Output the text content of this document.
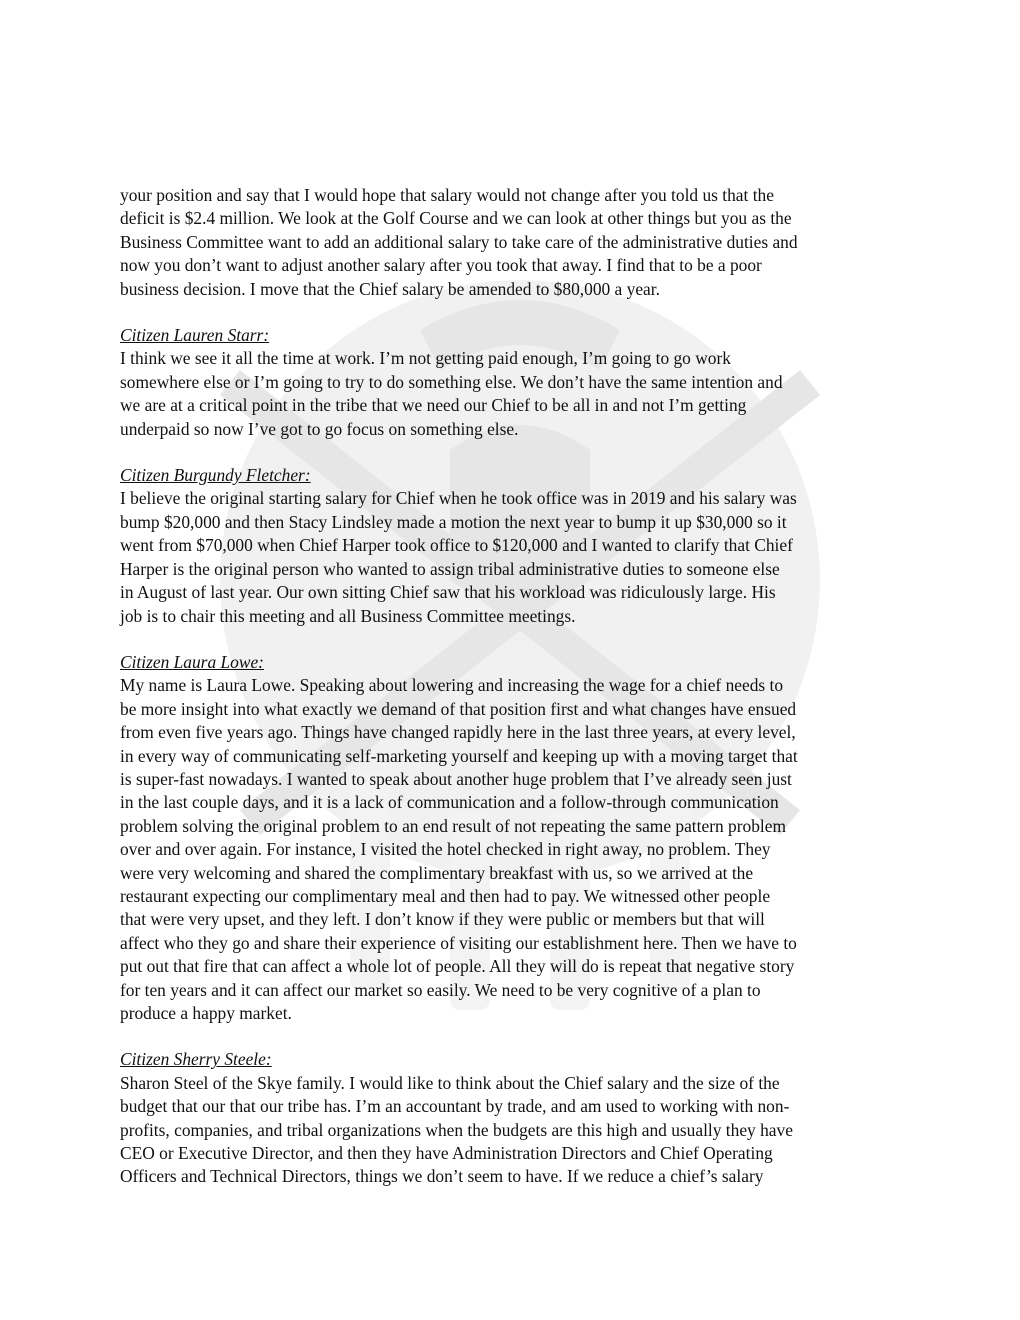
your position and say that I would hope that salary would not change after you told us that the
deficit is $2.4 million. We look at the Golf Course and we can look at other things but you as the
Business Committee want to add an additional salary to take care of the administrative duties and
now you don’t want to adjust another salary after you took that away. I find that to be a poor
business decision. I move that the Chief salary be amended to $80,000 a year.

Citizen Lauren Starr:

I think we see it all the time at work. I’m not getting paid enough, I’m going to go work
somewhere else or I’m going to try to do something else. We don’t have the same intention and
we are at a critical point in the tribe that we need our Chief to be all in and not I’m getting
underpaid so now I’ve got to go focus on something else.

Citizen Burgundy Fletcher:

I believe the original starting salary for Chief when he took office was in 2019 and his salary was
bump $20,000 and then Stacy Lindsley made a motion the next year to bump it up $30,000 so it
went from $70,000 when Chief Harper took office to $120,000 and I wanted to clarify that Chief
Harper is the original person who wanted to assign tribal administrative duties to someone else
in August of last year. Our own sitting Chief saw that his workload was ridiculously large. His
job is to chair this meeting and all Business Committee meetings.

Citizen Laura Lowe:

My name is Laura Lowe. Speaking about lowering and increasing the wage for a chief needs to
be more insight into what exactly we demand of that position first and what changes have ensued
from even five years ago. Things have changed rapidly here in the last three years, at every level,
in every way of communicating self-marketing yourself and keeping up with a moving target that
is super-fast nowadays. I wanted to speak about another huge problem that I’ve already seen just
in the last couple days, and it is a lack of communication and a follow-through communication
problem solving the original problem to an end result of not repeating the same pattern problem
over and over again. For instance, I visited the hotel checked in right away, no problem. They
were very welcoming and shared the complimentary breakfast with us, so we arrived at the
restaurant expecting our complimentary meal and then had to pay. We witnessed other people
that were very upset, and they left. I don’t know if they were public or members but that will
affect who they go and share their experience of visiting our establishment here. Then we have to
put out that fire that can affect a whole lot of people. All they will do is repeat that negative story
for ten years and it can affect our market so easily. We need to be very cognitive of a plan to
produce a happy market.

Citizen Sherry Steele:

Sharon Steel of the Skye family. I would like to think about the Chief salary and the size of the
budget that our that our tribe has. I’m an accountant by trade, and am used to working with non-
profits, companies, and tribal organizations when the budgets are this high and usually they have
CEO or Executive Director, and then they have Administration Directors and Chief Operating
Officers and Technical Directors, things we don’t seem to have. If we reduce a chief’s salary
